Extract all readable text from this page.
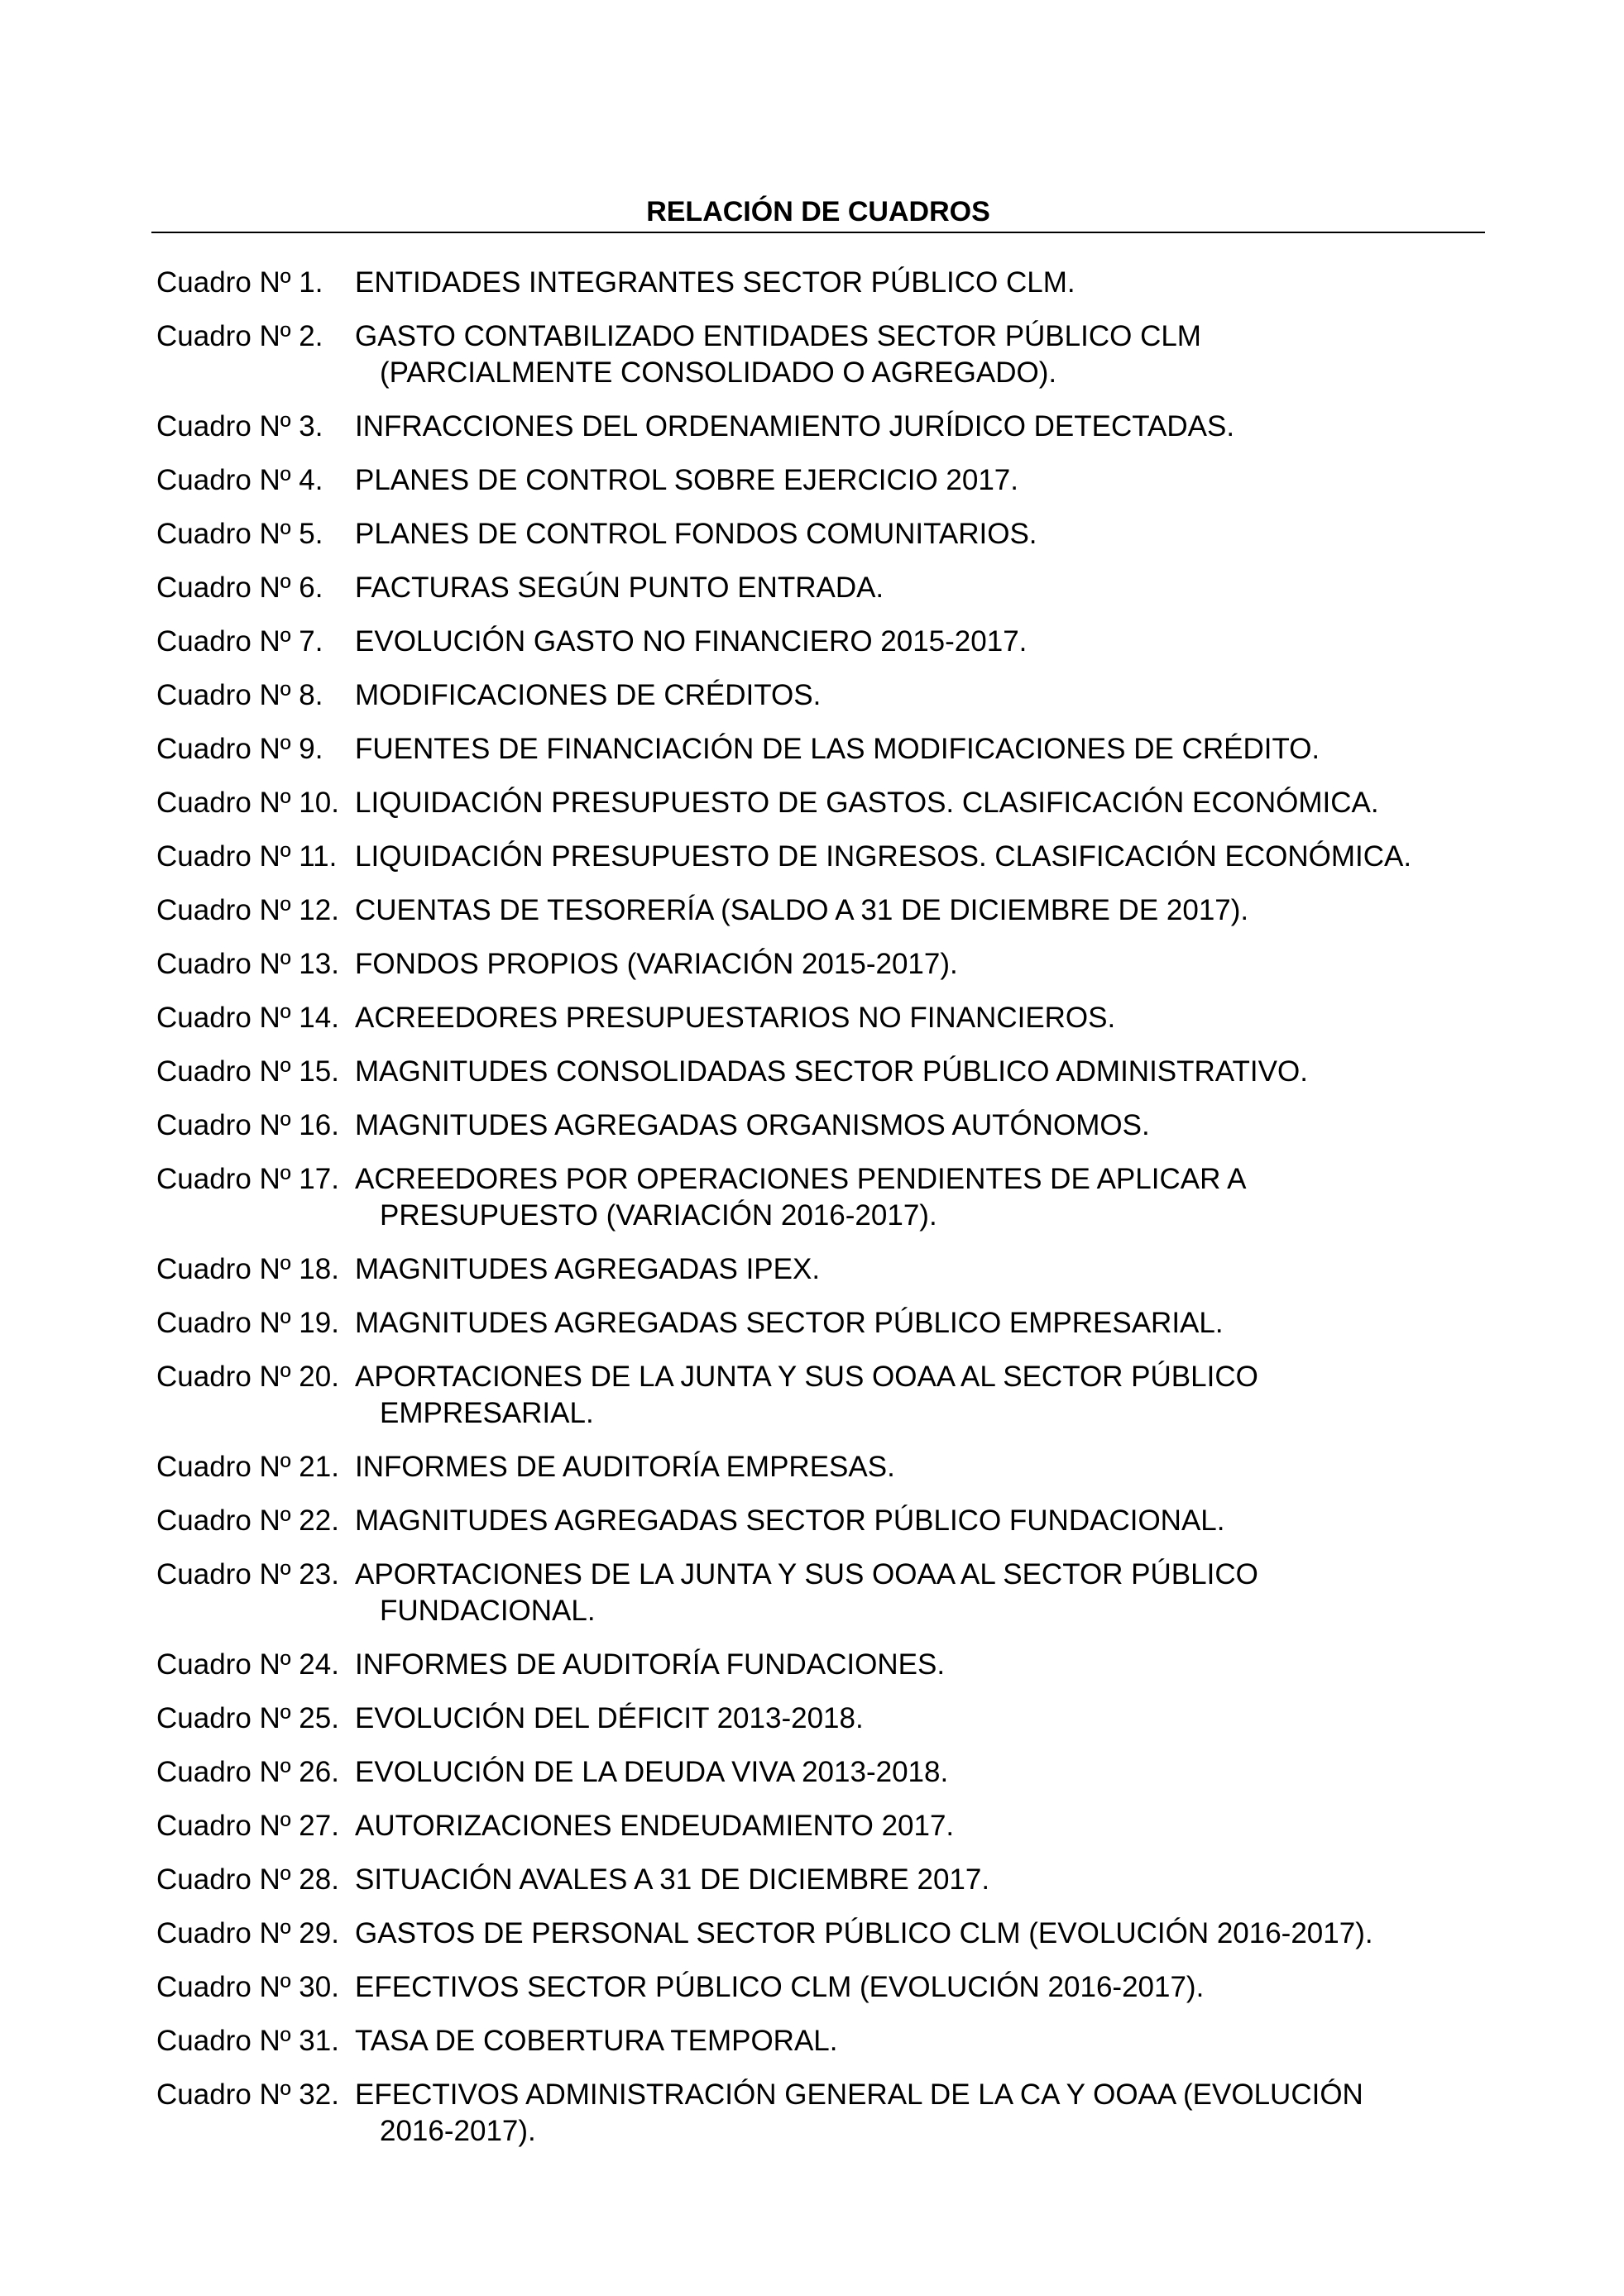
RELACIÓN DE CUADROS
Cuadro Nº 1. ENTIDADES INTEGRANTES SECTOR PÚBLICO CLM.
Cuadro Nº 2. GASTO CONTABILIZADO ENTIDADES SECTOR PÚBLICO CLM
(PARCIALMENTE CONSOLIDADO O AGREGADO).
Cuadro Nº 3. INFRACCIONES DEL ORDENAMIENTO JURÍDICO DETECTADAS.
Cuadro Nº 4. PLANES DE CONTROL SOBRE EJERCICIO 2017.
Cuadro Nº 5. PLANES DE CONTROL FONDOS COMUNITARIOS.
Cuadro Nº 6. FACTURAS SEGÚN PUNTO ENTRADA.
Cuadro Nº 7. EVOLUCIÓN GASTO NO FINANCIERO 2015-2017.
Cuadro Nº 8. MODIFICACIONES DE CRÉDITOS.
Cuadro Nº 9. FUENTES DE FINANCIACIÓN DE LAS MODIFICACIONES DE CRÉDITO.
Cuadro Nº 10. LIQUIDACIÓN PRESUPUESTO DE GASTOS. CLASIFICACIÓN ECONÓMICA.
Cuadro Nº 11. LIQUIDACIÓN PRESUPUESTO DE INGRESOS. CLASIFICACIÓN ECONÓMICA.
Cuadro Nº 12. CUENTAS DE TESORERÍA (SALDO A 31 DE DICIEMBRE DE 2017).
Cuadro Nº 13. FONDOS PROPIOS (VARIACIÓN 2015-2017).
Cuadro Nº 14. ACREEDORES PRESUPUESTARIOS NO FINANCIEROS.
Cuadro Nº 15. MAGNITUDES CONSOLIDADAS SECTOR PÚBLICO ADMINISTRATIVO.
Cuadro Nº 16. MAGNITUDES AGREGADAS ORGANISMOS AUTÓNOMOS.
Cuadro Nº 17. ACREEDORES POR OPERACIONES PENDIENTES DE APLICAR A
PRESUPUESTO (VARIACIÓN 2016-2017).
Cuadro Nº 18. MAGNITUDES AGREGADAS IPEX.
Cuadro Nº 19. MAGNITUDES AGREGADAS SECTOR PÚBLICO EMPRESARIAL.
Cuadro Nº 20. APORTACIONES DE LA JUNTA Y SUS OOAA AL SECTOR PÚBLICO
EMPRESARIAL.
Cuadro Nº 21. INFORMES DE AUDITORÍA EMPRESAS.
Cuadro Nº 22. MAGNITUDES AGREGADAS SECTOR PÚBLICO FUNDACIONAL.
Cuadro Nº 23. APORTACIONES DE LA JUNTA Y SUS OOAA AL SECTOR PÚBLICO
FUNDACIONAL.
Cuadro Nº 24. INFORMES DE AUDITORÍA FUNDACIONES.
Cuadro Nº 25. EVOLUCIÓN DEL DÉFICIT 2013-2018.
Cuadro Nº 26. EVOLUCIÓN DE LA DEUDA VIVA 2013-2018.
Cuadro Nº 27. AUTORIZACIONES ENDEUDAMIENTO 2017.
Cuadro Nº 28. SITUACIÓN AVALES A 31 DE DICIEMBRE 2017.
Cuadro Nº 29. GASTOS DE PERSONAL SECTOR PÚBLICO CLM (EVOLUCIÓN 2016-2017).
Cuadro Nº 30. EFECTIVOS SECTOR PÚBLICO CLM (EVOLUCIÓN 2016-2017).
Cuadro Nº 31. TASA DE COBERTURA TEMPORAL.
Cuadro Nº 32. EFECTIVOS ADMINISTRACIÓN GENERAL DE LA CA Y OOAA (EVOLUCIÓN
2016-2017).
